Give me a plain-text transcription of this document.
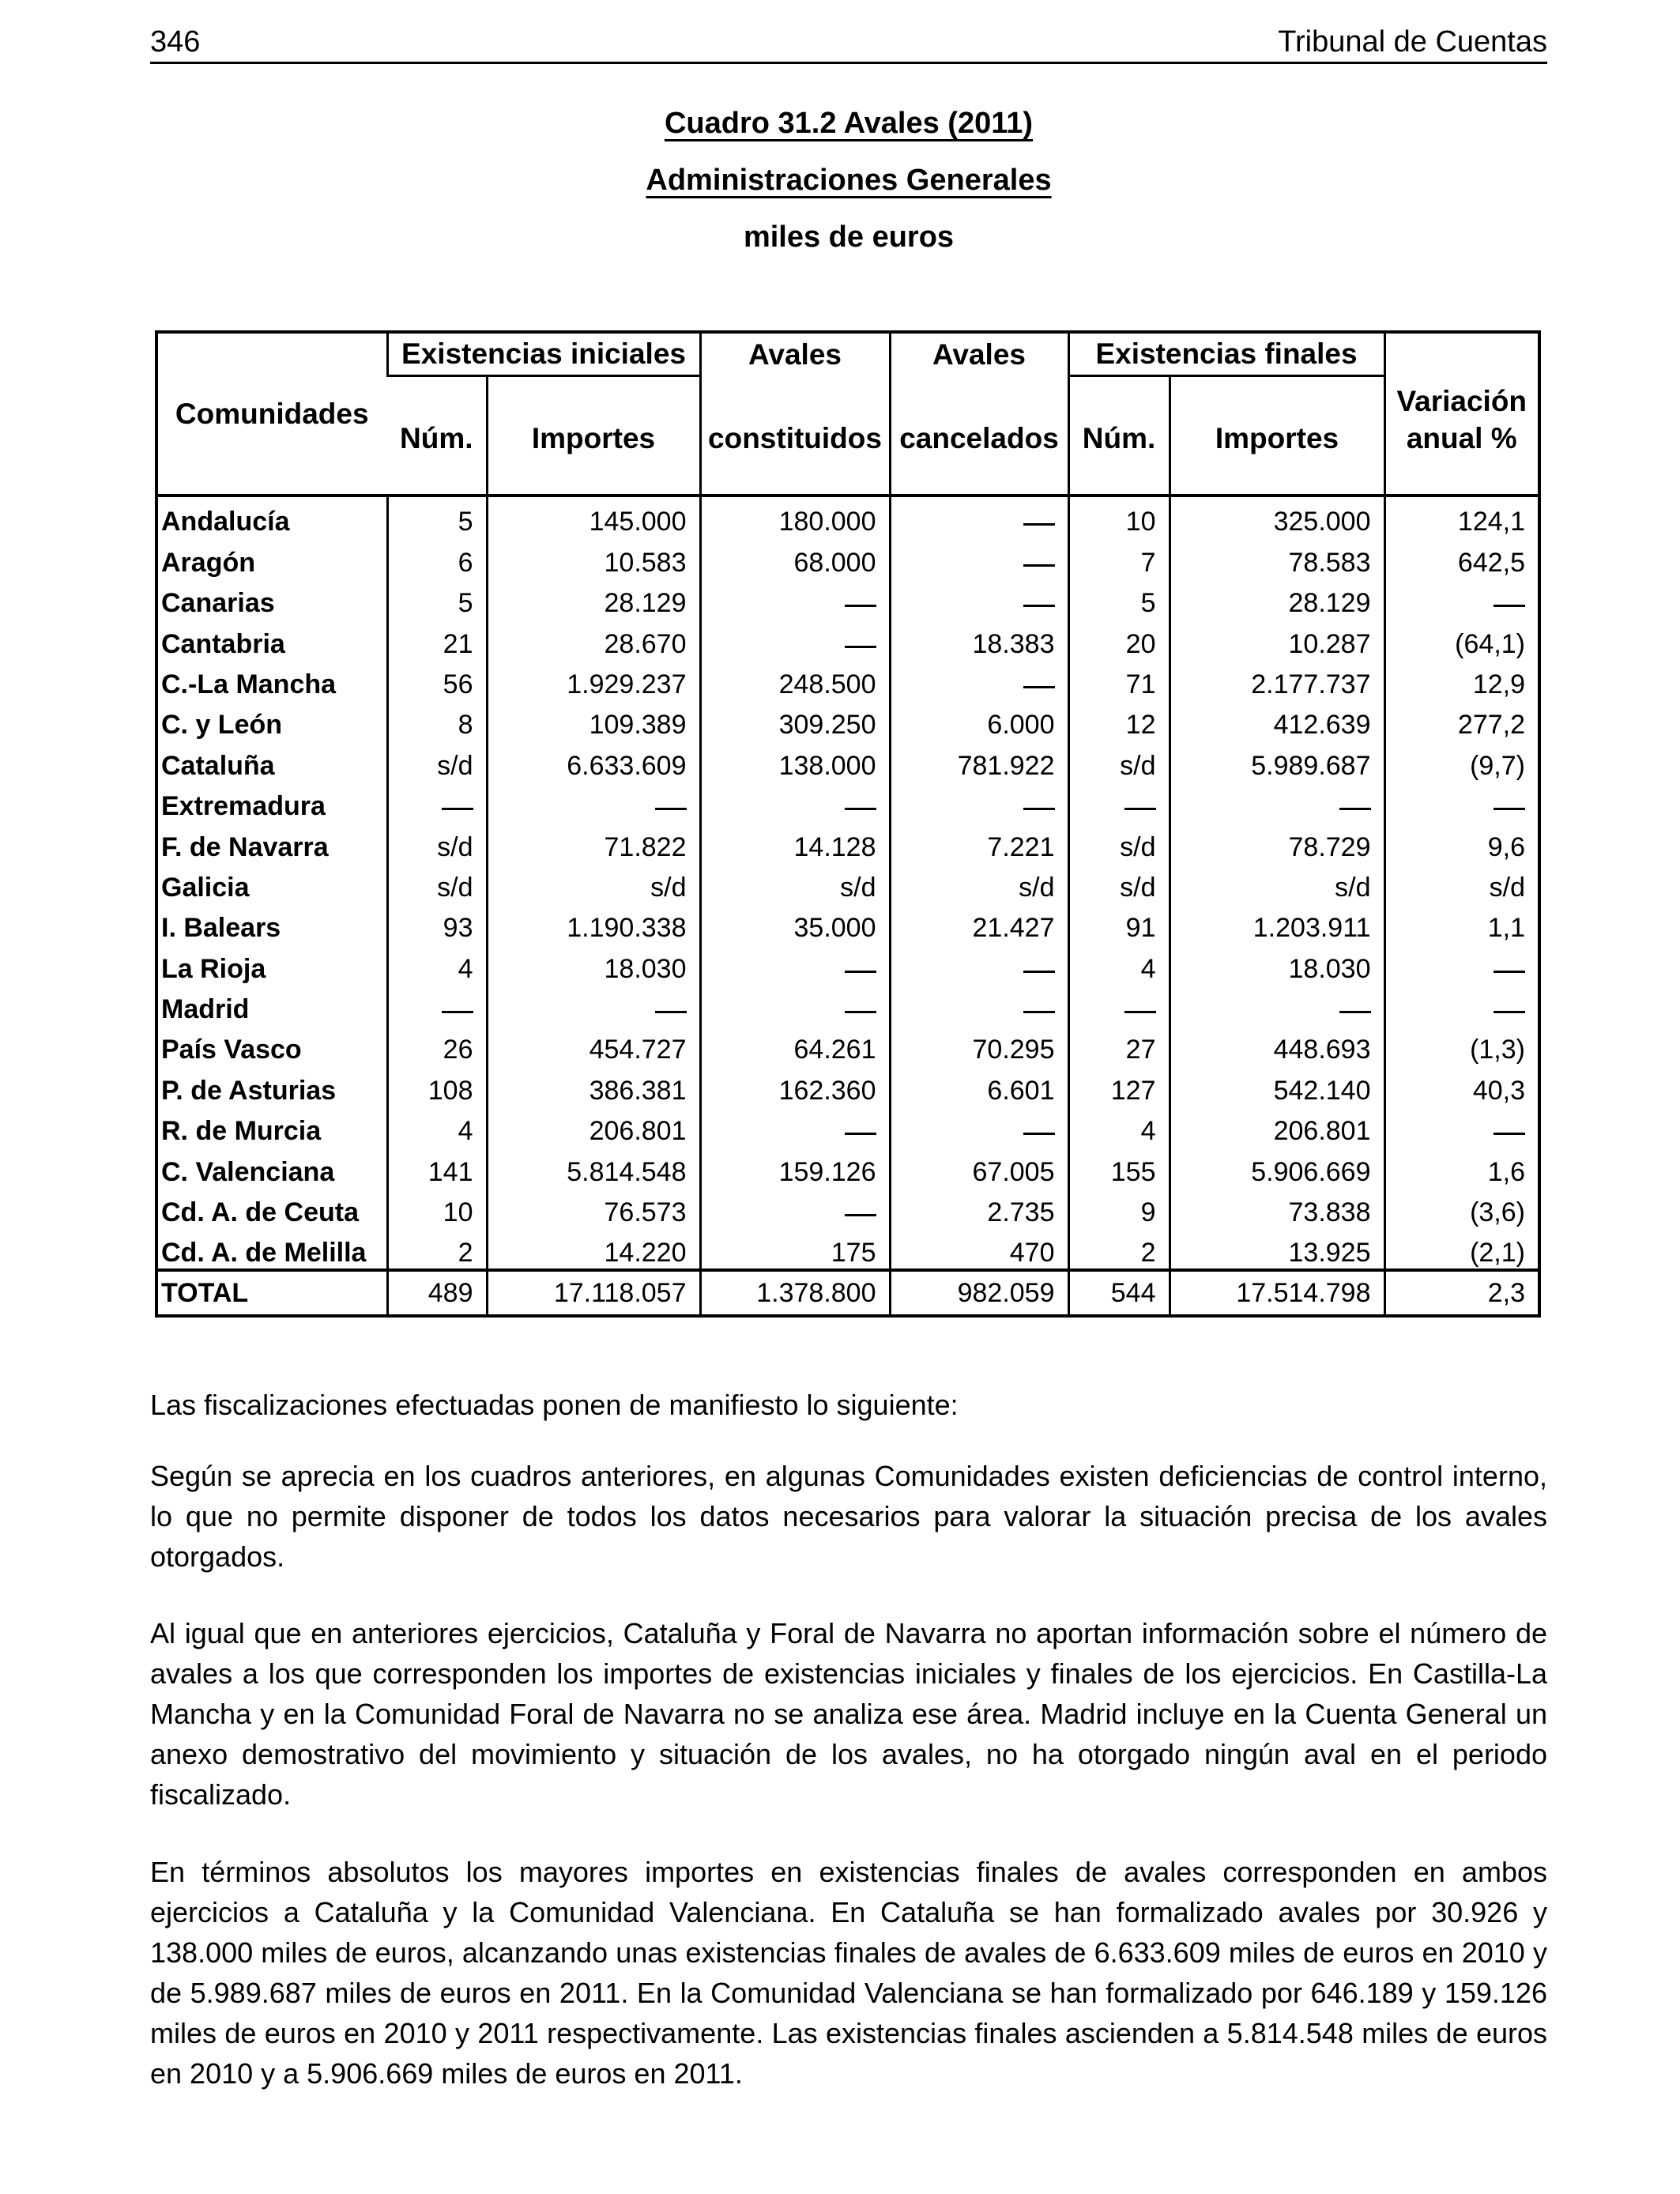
346	Tribunal de Cuentas
Cuadro 31.2 Avales (2011)
Administraciones Generales
miles de euros
Comunidades	Existencias iniciales		Avales	Avales	Existencias finales		Variación

	Núm.	Importes	constituidos	cancelados	Núm.	Importes	anual %

Andalucía	5	145.000	180.000		10	325.000	124,1
Aragón	6	10.583	68.000		7	78.583	642,5
Canarias	5	28.129			5	28.129	
Cantabria	21	28.670		18.383	20	10.287	(64,1)
C.-La Mancha	56	1.929.237	248.500		71	2.177.737	12,9
C. y León	8	109.389	309.250	6.000	12	412.639	277,2
Cataluña	s/d	6.633.609	138.000	781.922	s/d	5.989.687	(9,7)
Extremadura							
F. de Navarra	s/d	71.822	14.128	7.221	s/d	78.729	9,6
Galicia	s/d	s/d	s/d	s/d	s/d	s/d	s/d
I. Balears	93	1.190.338	35.000	21.427	91	1.203.911	1,1
La Rioja	4	18.030			4	18.030	
Madrid							
País Vasco	26	454.727	64.261	70.295	27	448.693	(1,3)
P. de Asturias	108	386.381	162.360	6.601	127	542.140	40,3
R. de Murcia	4	206.801			4	206.801	
C. Valenciana	141	5.814.548	159.126	67.005	155	5.906.669	1,6
Cd. A. de Ceuta	10	76.573		2.735	9	73.838	(3,6)
Cd. A. de Melilla	2	14.220	175	470	2	13.925	(2,1)
TOTAL	489	17.118.057	1.378.800	982.059	544	17.514.798	2,3
Las fiscalizaciones efectuadas ponen de manifiesto lo siguiente:
Según se aprecia en los cuadros anteriores, en algunas Comunidades existen deficiencias de control interno, lo que no permite disponer de todos los datos necesarios para valorar la situación precisa de los avales otorgados.
Al igual que en anteriores ejercicios, Cataluña y Foral de Navarra no aportan información sobre el número de avales a los que corresponden los importes de existencias iniciales y finales de los ejercicios. En Castilla-La Mancha y en la Comunidad Foral de Navarra no se analiza ese área. Madrid incluye en la Cuenta General un anexo demostrativo del movimiento y situación de los avales, no ha otorgado ningún aval en el periodo fiscalizado.
En términos absolutos los mayores importes en existencias finales de avales corresponden en ambos ejercicios a Cataluña y la Comunidad Valenciana. En Cataluña se han formalizado avales por 30.926 y 138.000 miles de euros, alcanzando unas existencias finales de avales de 6.633.609 miles de euros en 2010 y de 5.989.687 miles de euros en 2011. En la Comunidad Valenciana se han formalizado por 646.189 y 159.126 miles de euros en 2010 y 2011 respectivamente. Las existencias finales ascienden a 5.814.548 miles de euros en 2010 y a 5.906.669 miles de euros en 2011.
